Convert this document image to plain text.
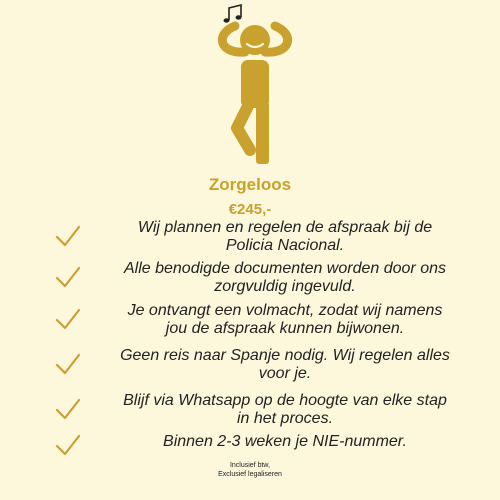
Zorgeloos
€245,-
Wij plannen en regelen de afspraak bij de
Policia Nacional.
Alle benodigde documenten worden door ons
zorgvuldig ingevuld.
Je ontvangt een volmacht, zodat wij namens
jou de afspraak kunnen bijwonen.
Geen reis naar Spanje nodig. Wij regelen alles
voor je.
Blijf via Whatsapp op de hoogte van elke stap
in het proces.
Binnen 2-3 weken je NIE-nummer.
Inclusief btw,
Exclusief legaliseren
